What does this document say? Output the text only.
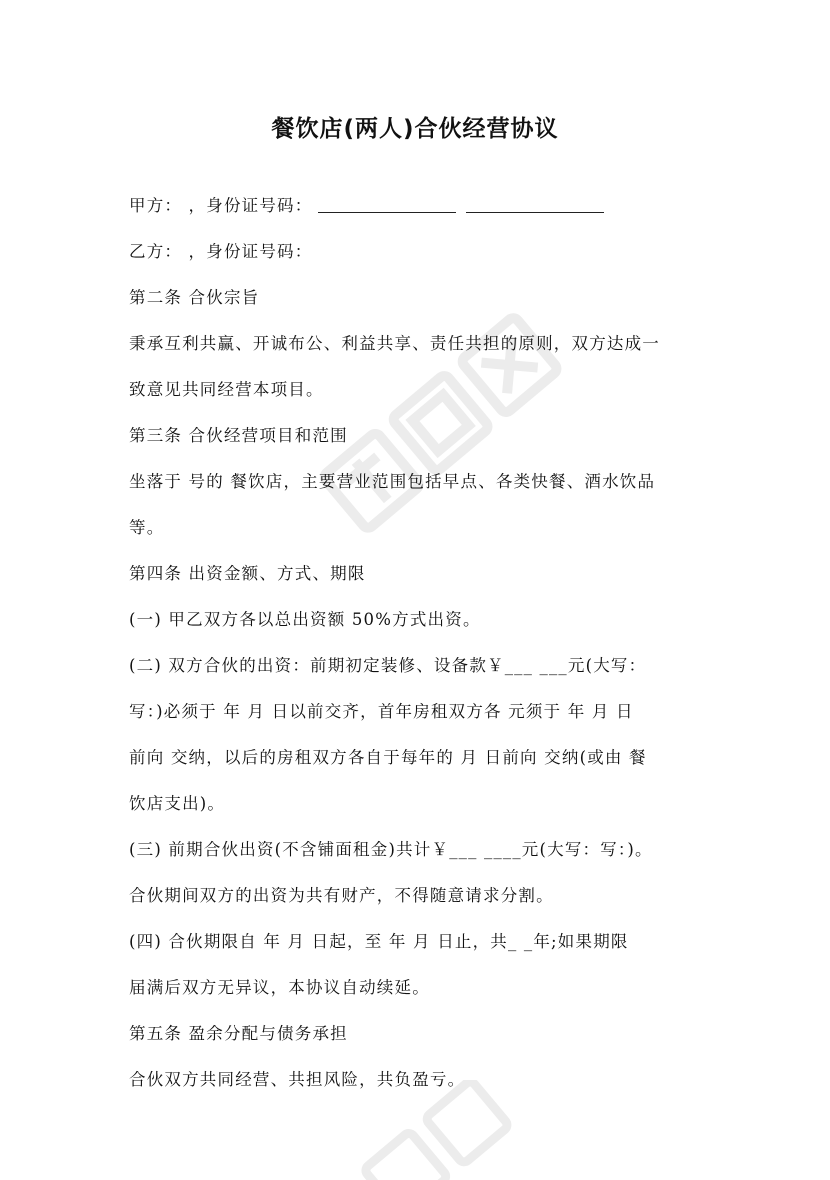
餐饮店(两人)合伙经营协议
甲方： ，身份证号码：
乙方： ，身份证号码：
第二条 合伙宗旨
秉承互利共赢、开诚布公、利益共享、责任共担的原则，双方达成一
致意见共同经营本项目。
第三条 合伙经营项目和范围
坐落于 号的 餐饮店，主要营业范围包括早点、各类快餐、酒水饮品
等。
第四条 出资金额、方式、期限
(一) 甲乙双方各以总出资额 50%方式出资。
(二) 双方合伙的出资：前期初定装修、设备款￥___ ___元(大写：
写：)必须于 年 月 日以前交齐，首年房租双方各 元须于 年 月 日
前向 交纳，以后的房租双方各自于每年的 月 日前向 交纳(或由 餐
饮店支出)。
(三) 前期合伙出资(不含铺面租金)共计￥___ ____元(大写：写：)。
合伙期间双方的出资为共有财产，不得随意请求分割。
(四) 合伙期限自 年 月 日起，至 年 月 日止，共_ _年;如果期限
届满后双方无异议，本协议自动续延。
第五条 盈余分配与债务承担
合伙双方共同经营、共担风险，共负盈亏。
